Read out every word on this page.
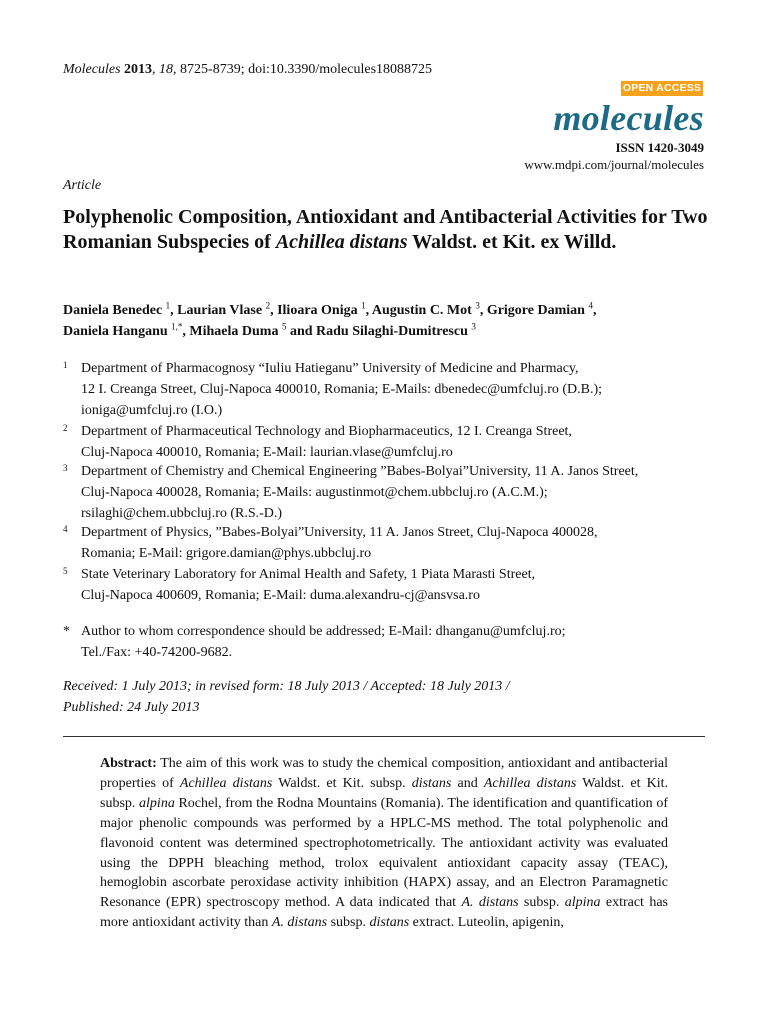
Molecules 2013, 18, 8725-8739; doi:10.3390/molecules18088725
OPEN ACCESS
molecules
ISSN 1420-3049
www.mdpi.com/journal/molecules
Article
Polyphenolic Composition, Antioxidant and Antibacterial Activities for Two Romanian Subspecies of Achillea distans Waldst. et Kit. ex Willd.
Daniela Benedec $^1$, Laurian Vlase $^2$, Ilioara Oniga $^1$, Augustin C. Mot $^3$, Grigore Damian $^4$,
Daniela Hanganu $^{1,*}$, Mihaela Duma $^5$ and Radu Silaghi-Dumitrescu $^3$
1 Department of Pharmacognosy “Iuliu Hatieganu” University of Medicine and Pharmacy,
12 I. Creanga Street, Cluj-Napoca 400010, Romania; E-Mails: dbenedec@umfcluj.ro (D.B.);
ioniga@umfcluj.ro (I.O.)
2 Department of Pharmaceutical Technology and Biopharmaceutics, 12 I. Creanga Street,
Cluj-Napoca 400010, Romania; E-Mail: laurian.vlase@umfcluj.ro
3 Department of Chemistry and Chemical Engineering ”Babes-Bolyai”University, 11 A. Janos Street,
Cluj-Napoca 400028, Romania; E-Mails: augustinmot@chem.ubbcluj.ro (A.C.M.);
rsilaghi@chem.ubbcluj.ro (R.S.-D.)
4 Department of Physics, ”Babes-Bolyai”University, 11 A. Janos Street, Cluj-Napoca 400028,
Romania; E-Mail: grigore.damian@phys.ubbcluj.ro
5 State Veterinary Laboratory for Animal Health and Safety, 1 Piata Marasti Street,
Cluj-Napoca 400609, Romania; E-Mail: duma.alexandru-cj@ansvsa.ro
* Author to whom correspondence should be addressed; E-Mail: dhanganu@umfcluj.ro;
Tel./Fax: +40-74200-9682.
Received: 1 July 2013; in revised form: 18 July 2013 / Accepted: 18 July 2013 /
Published: 24 July 2013
Abstract: The aim of this work was to study the chemical composition, antioxidant and antibacterial properties of Achillea distans Waldst. et Kit. subsp. distans and Achillea distans Waldst. et Kit. subsp. alpina Rochel, from the Rodna Mountains (Romania). The identification and quantification of major phenolic compounds was performed by a HPLC-MS method. The total polyphenolic and flavonoid content was determined spectrophotometrically. The antioxidant activity was evaluated using the DPPH bleaching method, trolox equivalent antioxidant capacity assay (TEAC), hemoglobin ascorbate peroxidase activity inhibition (HAPX) assay, and an Electron Paramagnetic Resonance (EPR) spectroscopy method. A data indicated that A. distans subsp. alpina extract has more antioxidant activity than A. distans subsp. distans extract. Luteolin, apigenin,
